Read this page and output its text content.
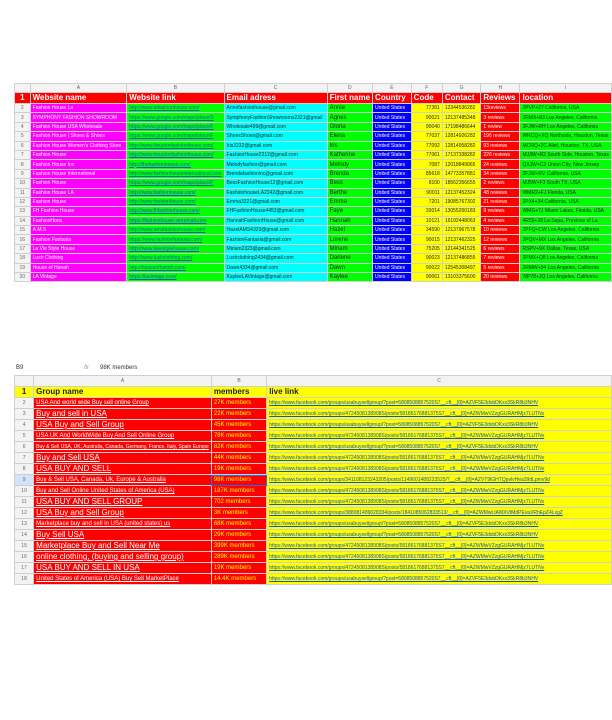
	A	B	C	D	E	F	G	H	I
1	Website name	Website link	Email adress	First name	Country	Code	Contact	Reviews	location
2	Fashion House Lo	http://www.lofashionhouse.com/	Annefashionhouse@gmail.com	Annie	United States	77381	12344536282	13reviews	2PVP+27 California, USA
3	SYMPHONY FASHION SHOWROOM	https://www.google.com/maps/place/S	SymphonyFashionShowrooms2321@gmail	Agnes	United States	90021	12137485348	3 reviews	2RMX+83 Los Angeles, California
4	Fashion House USA Wholesale	https://www.google.com/maps/place/F	Wholesale499@gmail.com	Gloria	United States	90040	17198486644	1 review	2FJW+RH Los Angeles, California
5	Fashion House | Shoes & Shoes	https://www.google.com/maps/place/F	ShoesShoes@gmail.com	Elena	United States	77037	12814926282	196 reviews	WRCQ+XQ Northside, Houston, Texas
6	Fashion House Women's Clothing Store	http://www.houstonfashionhouse.com/	Iris3232@gmail.com	Iris	United States	77092	12814958282	93 reviews	MCRQ+2C Alief, Houston, TX, USA
7	Fashion House	http://www.houstonfashionhouse.com/	FashionHouse2212@gmail.com	Katherine	United States	77061	17137338282	226 reviews	MJ3W+R2 South Side, Houston, Texas
8	Fashion House Inc	http://thefashionhouse.com/	Melodyfashion@gmail.com	Melody	United States	7087	12018849965	24 reviews	QXJW+C2 Union City, New Jersey
9	Fashion House International	http://www.fashionhouseinternational.com	Brendafashioninc@gmail.com	Brenda	United States	85618	14773357881	34 reviews	2FJW+RV California, USA
10	Fashion House	https://www.google.com/maps/place/F	BessFashionHouse12@gmail.com	Bess	United States	8100	18562356655	2 reviews	MJ5W+F3 South TX, USA
11	Fashion House LA	http://www.fashionhouse.com/	FashionhouseLA2242@gmail.com	Berthe	United States	90011	12137452324	48 reviews	WMR2+FJ Florida, USA
12	Fashion House	http://www.fashionhouse.com/	Emma3321@gmail.com	Emma	United States	7201	19085767302	21 reviews	2PX4+34 California, USA
13	FH Fashion House	http://www.fhfashionhouse.com/	FHFashionHouse4453@gmail.com	Faye	United States	33014	13055200183	9 reviews	WMG+7J Miami Lakes, Florida, USA
14	FashionHonx	https://fashionhouse.storemail.com	HannahFashionHouse@gmail.com	Hannah	United States	10121	16192448063	4 reviews	4R59+38 La Sepa, Province of La
15	A.M.S	http://www.amsfashionhouse.com/	HazelAMS4323@gmail.com	Hazel	United States	34590	12137967578	10 reviews	2PFQ+CW Los Angeles, California
16	Fashion Fantasia	https://www.fashionfantasia.com/	FashionFantasia@gmail.com	Lorene	United States	90015	12137462325	12 reviews	2PQV+MX Los Angeles, California
17	La Vie Style House	http://www.lavestylehouse.com/	Miriam2323@gmail.com	Miriam	United States	75205	12144341525	6 reviews	RSPV+9X Dallas, Texas, USA
18	Lush Clothing	http://www.lushclothing.com/	Lushclothing2434@gmail.com	Darlene	United States	90023	12137486855	7 reviews	2PMX+Q8 Los Angeles, California
19	House of Hanah	http://houseofhanah.com/	Dawn4334@gmail.com	Dawn	United States	90022	12545308497	5 reviews	2RMW+94 Los Angeles, California
20	LA Vintage	https://lavintage.com/	KayleeLAVintage@gmail.com	Kaylee	United States	90061	13103375600	20 reviews	WP78+JQ Los Angeles, California
B9	fx 98K members
	A	B	C
1	Group name	members	live link
2	USA And world wide Buy sell online Group	27K members	https://www.facebook.com/groups/usabuysellgroup/?post=5808508857520S7__cft__[0]=AZVF5E3dxbDKxx3SkR8b3NHV
3	Buy and sell in USA	22K members	https://www.facebook.com/groups/4724508138908S/posts/58186176881375S7__cft__[0]=AZWMwVZzgGURAHMjz7LUTNv
4	USA Buy and Sell Group	45K members	https://www.facebook.com/groups/usabuysellgroup/?post=5808508857520S7__cft__[0]=AZVF5E3dxbDKxx3SkR8b3NHV
5	USA UK And WorldWide Buy And Sell Online Group	78K members	https://www.facebook.com/groups/4724508138908S/posts/58186176881375S7__cft__[0]=AZWMwVZzgGURAHMjz7LUTNv
6	Buy & Sell USA, UK, Australia, Canada, Germany, France, Italy, Spain Europe	82K members	https://www.facebook.com/groups/usabuysellgroup/?post=5808508857520S7__cft__[0]=AZVF5E3dxbDKxx3SkR8b3NHV
7	Buy and Sell USA	44K members	https://www.facebook.com/groups/4724508138908S/posts/58186176881375S7__cft__[0]=AZWMwVZzgGURAHMjz7LUTNv
8	USA BUY AND SELL	19K members	https://www.facebook.com/groups/4724508138908S/posts/58186176881375S7__cft__[0]=AZWMwVZzgGURAHMjz7LUTNv
9	Buy & Sell USA, Canada, Uk, Europe & Australia	98K members	https://www.facebook.com/groups/341108123243205/posts/1149601488223525/?__cft__[0]=AZVT9lGHTQpvlvHea39dLpmv9d
10	Buy and Sell Online United States of America (USA)	187K members	https://www.facebook.com/groups/4724508138908S/posts/58186176881375S7__cft__[0]=AZWMwVZzgGURAHMjz7LUTNv
11	USA BUY AND SELL GROUP	702 members	https://www.facebook.com/groups/4724508138908S/posts/58186176881375S7__cft__[0]=AZWMwVZzgGURAHMjz7LUTNv
12	USA Buy and Sell Group	3K members	https://www.facebook.com/groups/388081489028334/posts/1841085062833513/__cft__[0]=AZWMwLtAMXVtMdPEvaXRhEpZ4LxgZ
13	Marketplace buy and sell in USA (united states) us	68K members	https://www.facebook.com/groups/usabuysellgroup/?post=5808508857520S7__cft__[0]=AZVF5E3dxbDKxx3SkR8b3NHV
14	Buy Sell USA	29K members	https://www.facebook.com/groups/usabuysellgroup/?post=5808508857520S7__cft__[0]=AZVF5E3dxbDKxx3SkR8b3NHV
15	Marketplace Buy and Sell Near Me	399K members	https://www.facebook.com/groups/4724508138908S/posts/58186176881375S7__cft__[0]=AZWMwVZzgGURAHMjz7LUTNv
16	online clothing, (buying and selling group)	289K members	https://www.facebook.com/groups/4724508138908S/posts/58186176881375S7__cft__[0]=AZWMwVZzgGURAHMjz7LUTNv
17	USA BUY AND SELL IN USA	19K members	https://www.facebook.com/groups/4724508138908S/posts/58186176881375S7__cft__[0]=AZWMwVZzgGURAHMjz7LUTNv
18	United States of America (USA) Buy Sell MarketPlace	14.4K members	https://www.facebook.com/groups/usabuysellgroup/?post=5808508857520S7__cft__[0]=AZVF5E3dxbDKxx3SkR8b3NHV
